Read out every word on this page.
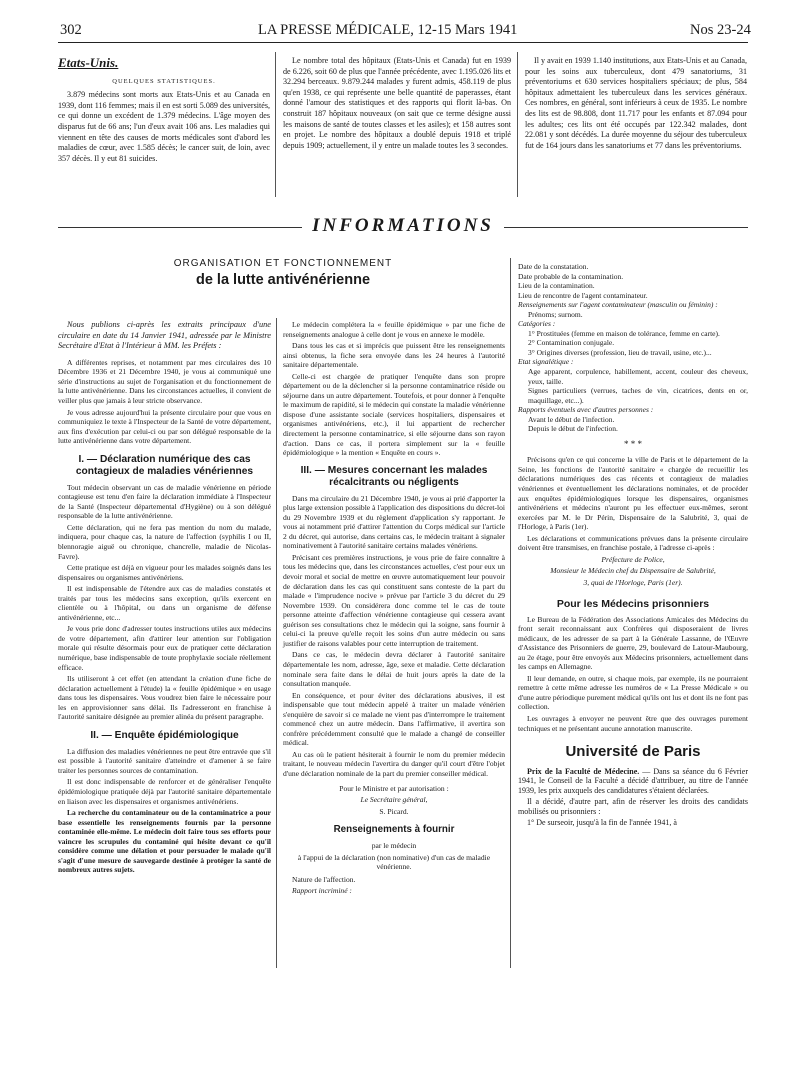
302	LA PRESSE MÉDICALE, 12-15 Mars 1941	Nos 23-24
Etats-Unis.
QUELQUES STATISTIQUES.

3.879 médecins sont morts aux Etats-Unis et au Canada en 1939, dont 116 femmes; mais il en est sorti 5.089 des universités, ce qui donne un excédent de 1.379 médecins. L'âge moyen des disparus fut de 66 ans; l'un d'eux avait 106 ans. Les maladies qui viennent en tête des causes de morts médicales sont d'abord les maladies de cœur, avec 1.585 décès; le cancer suit, de loin, avec 357 décès. Il y eut 81 suicides.

Le nombre total des hôpitaux (Etats-Unis et Canada) fut en 1939 de 6.226, soit 60 de plus que l'année précédente, avec 1.195.026 lits et 32.294 berceaux. 9.879.244 malades y furent admis, 458.119 de plus qu'en 1938, ce qui représente une belle quantité de paperasses, étant donné l'amour des statistiques et des rapports qui florit là-bas. On construit 187 hôpitaux nouveaux (on sait que ce terme désigne aussi les maisons de santé de toutes classes et les asiles); et 158 autres sont en projet. Le nombre des hôpitaux a doublé depuis 1918 et triplé depuis 1909; actuellement, il y entre un malade toutes les 3 secondes.

Il y avait en 1939 1.140 institutions, aux Etats-Unis et au Canada, pour les soins aux tuberculeux, dont 479 sanatoriums, 31 préventoriums et 630 services hospitaliers spéciaux; de plus, 584 hôpitaux admettaient les tuberculeux dans les services généraux. Ces nombres, en général, sont inférieurs à ceux de 1935. Le nombre des lits est de 98.808, dont 11.717 pour les enfants et 87.094 pour les adultes; ces lits ont été occupés par 122.342 malades, dont 22.081 y sont décédés. La durée moyenne du séjour des tuberculeux fut de 164 jours dans les sanatoriums et 77 dans les préventoriums.

INFORMATIONS
ORGANISATION ET FONCTIONNEMENT
de la lutte antivénérienne

Nous publions ci-après les extraits principaux d'une circulaire en date du 14 Janvier 1941, adressée par le Ministre Secrétaire d'Etat à l'Intérieur à MM. les Préfets :

A différentes reprises, et notamment par mes circulaires des 10 Décembre 1936 et 21 Décembre 1940, je vous ai communiqué une série d'instructions au sujet de l'organisation et du fonctionnement de la lutte antivénérienne. Dans les circonstances actuelles, il convient de veiller plus que jamais à leur stricte observance.

Je vous adresse aujourd'hui la présente circulaire pour que vous en communiquiez le texte à l'Inspecteur de la Santé de votre département, aux fins d'exécution par celui-ci ou par son délégué responsable de la lutte antivénérienne dans votre département.

I. — Déclaration numérique des cas contagieux de maladies vénériennes

Tout médecin observant un cas de maladie vénérienne en période contagieuse est tenu d'en faire la déclaration immédiate à l'Inspecteur de la Santé (Inspecteur départemental d'Hygiène) ou à son délégué responsable de la lutte antivénérienne.

Cette déclaration, qui ne fera pas mention du nom du malade, indiquera, pour chaque cas, la nature de l'affection (syphilis I ou II, blennoragie aiguë ou chronique, chancrelle, maladie de Nicolas-Favre).

Cette pratique est déjà en vigueur pour les malades soignés dans les dispensaires ou organismes antivénériens.

Il est indispensable de l'étendre aux cas de maladies constatés et traités par tous les médecins sans exception, qu'ils exercent en clientèle ou à l'hôpital, ou dans un organisme de défense antivénérienne, etc...

Je vous prie donc d'adresser toutes instructions utiles aux médecins de votre département, afin d'attirer leur attention sur l'obligation morale qui résulte désormais pour eux de pratiquer cette déclaration numérique, base indispensable de toute prophylaxie sociale réellement efficace.

Ils utiliseront à cet effet (en attendant la création d'une fiche de déclaration actuellement à l'étude) la « feuille épidémique » en usage dans tous les dispensaires. Vous voudrez bien faire le nécessaire pour les en approvisionner sans délai. Ils l'adresseront en franchise à l'autorité sanitaire désignée au premier alinéa du présent paragraphe.

II. — Enquête épidémiologique

La diffusion des maladies vénériennes ne peut être entravée que s'il est possible à l'autorité sanitaire d'atteindre et d'amener à se faire traiter les personnes sources de contamination.

Il est donc indispensable de renforcer et de généraliser l'enquête épidémiologique pratiquée déjà par l'autorité sanitaire départementale en liaison avec les dispensaires et organismes antivénériens.

La recherche du contaminateur ou de la contaminatrice a pour base essentielle les renseignements fournis par la personne contaminée elle-même. Le médecin doit faire tous ses efforts pour vaincre les scrupules du contaminé qui hésite devant ce qu'il considère comme une délation et pour persuader le malade qu'il s'agit d'une mesure de sauvegarde destinée à protéger la santé de nombreux autres sujets.

Le médecin complétera la « feuille épidémique » par une fiche de renseignements analogue à celle dont je vous en annexe le modèle.

Dans tous les cas et si imprécis que puissent être les renseignements ainsi obtenus, la fiche sera envoyée dans les 24 heures à l'autorité sanitaire départementale.

Celle-ci est chargée de pratiquer l'enquête dans son propre département ou de la déclencher si la personne contaminatrice réside ou séjourne dans un autre département. Toutefois, et pour donner à l'enquête le maximum de rapidité, si le médecin qui constate la maladie vénérienne dispose d'une assistante sociale (services hospitaliers, dispensaires et organismes antivénériens, etc.), il lui appartient de rechercher directement la personne contaminatrice, si elle séjourne dans son rayon d'action. Dans ce cas, il portera simplement sur la « feuille épidémiologique » la mention « Enquête en cours ».

III. — Mesures concernant les malades récalcitrants ou négligents

Dans ma circulaire du 21 Décembre 1940, je vous ai prié d'apporter la plus large extension possible à l'application des dispositions du décret-loi du 29 Novembre 1939 et du règlement d'application s'y rapportant. Je vous ai notamment prié d'attirer l'attention du Corps médical sur l'article 2 du décret, qui autorise, dans certains cas, le médecin traitant à signaler nominativement à l'autorité sanitaire certains malades vénériens.

Précisant ces premières instructions, je vous prie de faire connaître à tous les médecins que, dans les circonstances actuelles, c'est pour eux un devoir moral et social de mettre en œuvre automatiquement leur pouvoir de déclaration dans les cas qui constituent sans conteste de la part du malade « l'imprudence nocive » prévue par l'article 3 du décret du 29 Novembre 1939. On considérera donc comme tel le cas de toute personne atteinte d'affection vénérienne contagieuse qui cessera avant guérison ses consultations chez le médecin qui la soigne, sans fournir à celui-ci la preuve qu'elle reçoit les soins d'un autre médecin ou sans justifier de raisons valables pour cette interruption de traitement.

Dans ce cas, le médecin devra déclarer à l'autorité sanitaire départementale les nom, adresse, âge, sexe et maladie. Cette déclaration nominale sera faite dans le délai de huit jours après la date de la consultation manquée.

En conséquence, et pour éviter des déclarations abusives, il est indispensable que tout médecin appelé à traiter un malade vénérien s'enquière de savoir si ce malade ne vient pas d'interrompre le traitement commencé chez un autre médecin. Dans l'affirmative, il avertira son confrère précédemment consulté que le malade a changé de conseiller médical.

Au cas où le patient hésiterait à fournir le nom du premier médecin traitant, le nouveau médecin l'avertira du danger qu'il court d'être l'objet d'une déclaration nominale de la part du premier conseiller médical.

Pour le Ministre et par autorisation :

Le Secrétaire général,

S. Picard.

Renseignements à fournir

par le médecin

à l'appui de la déclaration (non nominative) d'un cas de maladie vénérienne.

Nature de l'affection.

Rapport incriminé :

Date de la constatation.

Date probable de la contamination.

Lieu de la contamination.

Lieu de rencontre de l'agent contaminateur.

Renseignements sur l'agent contaminateur (masculin ou féminin) :

Prénoms; surnom.

Catégories :

1° Prostituées (femme en maison de tolérance, femme en carte).

2° Contamination conjugale.

3° Origines diverses (profession, lieu de travail, usine, etc.)...

Etat signalétique :

Age apparent, corpulence, habillement, accent, couleur des cheveux, yeux, taille.

Signes particuliers (verrues, taches de vin, cicatrices, dents en or, maquillage, etc...).

Rapports éventuels avec d'autres personnes :

Avant le début de l'infection.

Depuis le début de l'infection.

* * *

Précisons qu'en ce qui concerne la ville de Paris et le département de la Seine, les fonctions de l'autorité sanitaire « chargée de recueillir les déclarations numériques des cas récents et contagieux de maladies vénériennes et éventuellement les déclarations nominales, et de procéder aux enquêtes épidémiologiques lorsque les dispensaires, organismes antivénériens et médecins n'auront pu les effectuer eux-mêmes, seront exercées par M. le Dr Périn, Dispensaire de la Salubrité, 3, quai de l'Horloge, à Paris (1er).

Les déclarations et communications prévues dans la présente circulaire doivent être transmises, en franchise postale, à l'adresse ci-après :

Préfecture de Police,

Monsieur le Médecin chef du Dispensaire de Salubrité,

3, quai de l'Horloge, Paris (1er).

Pour les Médecins prisonniers

Le Bureau de la Fédération des Associations Amicales des Médecins du front serait reconnaissant aux Confrères qui disposeraient de livres médicaux, de les adresser de sa part à la Générale Lassanne, de l'Œuvre d'Assistance des Prisonniers de guerre, 29, boulevard de Latour-Maubourg, au 2e étage, pour être envoyés aux Médecins prisonniers, actuellement dans les camps en Allemagne.

Il leur demande, en outre, si chaque mois, par exemple, ils ne pourraient remettre à cette même adresse les numéros de « La Presse Médicale » ou d'une autre périodique purement médical qu'ils ont lus et dont ils ne font pas collection.

Les ouvrages à envoyer ne peuvent être que des ouvrages purement techniques et ne présentant aucune annotation manuscrite.

Université de Paris

Prix de la Faculté de Médecine. — Dans sa séance du 6 Février 1941, le Conseil de la Faculté a décidé d'attribuer, au titre de l'année 1939, les prix auxquels des candidatures s'étaient déclarées.

Il a décidé, d'autre part, afin de réserver les droits des candidats mobilisés ou prisonniers :

1° De surseoir, jusqu'à la fin de l'année 1941, à
